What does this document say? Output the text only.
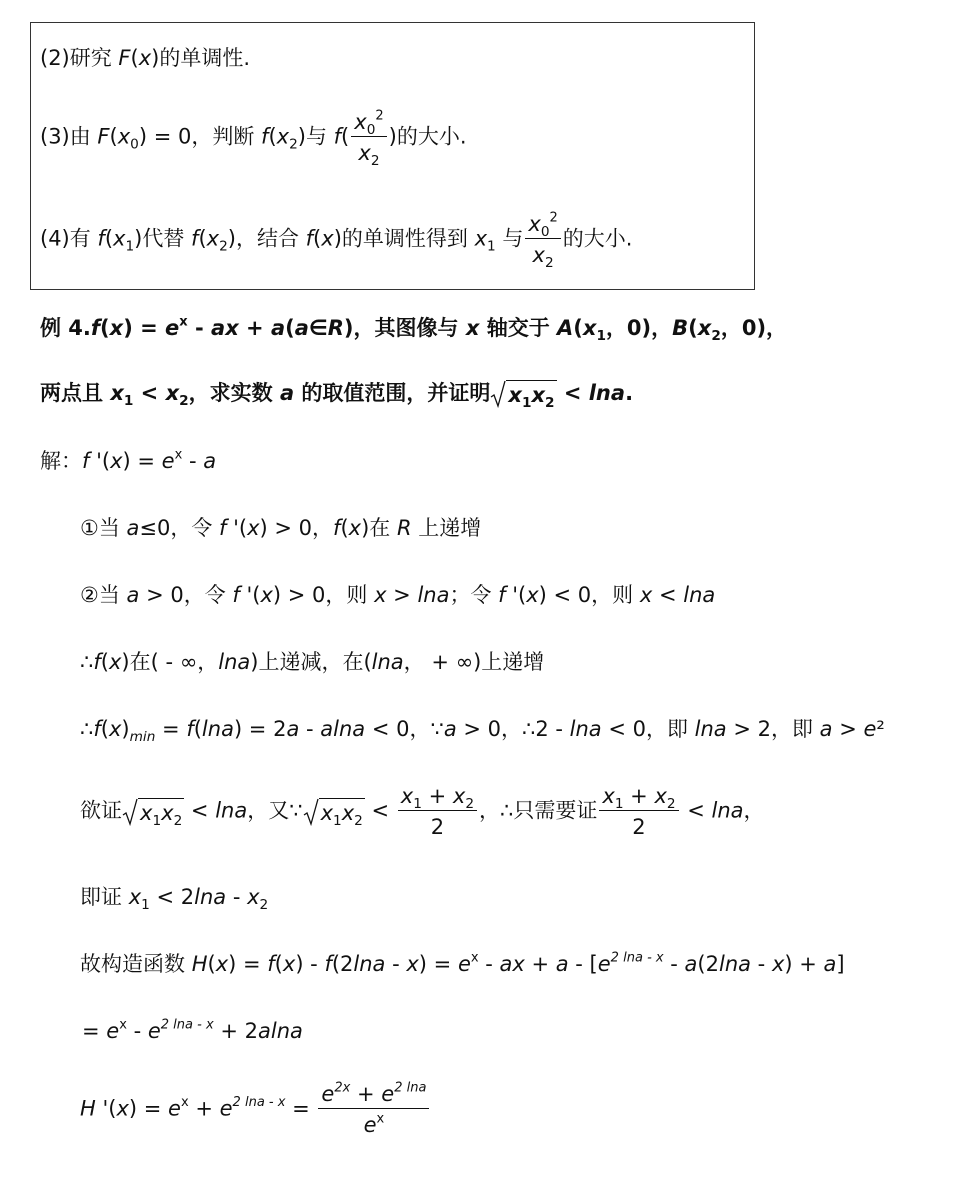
(2)研究 F(x)的单调性.
(3)由 $F(x_0) = 0$，判断 $f(x_2)$与 $f( \frac{x_0^2}{x_2}$ )的大小.
(4)有 $f(x_1)$代替 $f(x_2)$，结合 f(x)的单调性得到 $x_1$ 与 $\frac{x_0^2}{x_2}$ 的大小.
例 $4.f(x) = e^x$ - ax + a(a∈R)，其图像与 x 轴交于 $A(x_1$，0)，$B(x_2$，0)，
两点且 $x_1 < x_2$，求实数 a 的取值范围，并证明 $x_1x_2 < \ln a$.
解：f '$(x) = e^x - a$
①当 a≤0，令 f '(x) > 0，f(x)在 R 上递增
②当 a > 0，令 f '(x) > 0，则 x > lna；令 f '(x) < 0，则 x < lna
∴f(x)在( - ∞，lna)上递减，在(lna， + ∞)上递增
$\therefore f(x)_{min} = f(\ln a) = 2a - alna < 0$，∵a > 0，∴2 - lna < 0，即 lna > 2，即 a > e²
欲证 $x_1x_2 < \ln a$，又∵ $x_1x_2 < \frac{x_1 + x_2}{2}$ ，∴只需要证 $\frac{x_1 + x_2}{2} < \ln a$，
即证 $x_1 < 2\ln a - x_2$
故构造函数 $H(x) = f(x) - f(2\ln a - x) = e^x$ - ax + $a - [e^{2 lna - x} - a(2\ln a - x) + a]$
= $e^x - e^{2 lna - x} + 2alna$
H '$(x) = e^x + e^{2 lna - x} = \frac{e^{2x} + e^{2 lna}}{e^x}$
